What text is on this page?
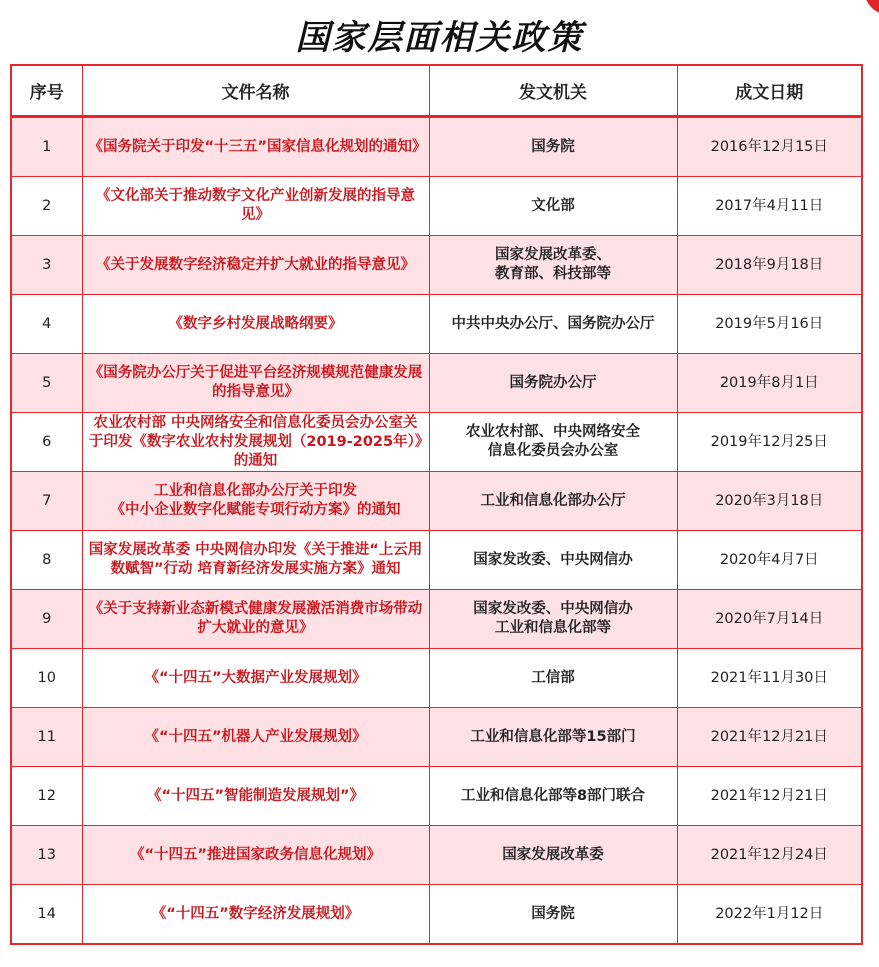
国家层面相关政策
序号	文件名称	发文机关	成文日期
1	《国务院关于印发“十三五”国家信息化规划的通知》	国务院	2016年12月15日
2	《文化部关于推动数字文化产业创新发展的指导意见》	文化部	2017年4月11日
3	《关于发展数字经济稳定并扩大就业的指导意见》	国家发展改革委、
教育部、科技部等	2018年9月18日
4	《数字乡村发展战略纲要》	中共中央办公厅、国务院办公厅	2019年5月16日
5	《国务院办公厅关于促进平台经济规模规范健康发展的指导意见》	国务院办公厅	2019年8月1日
6	农业农村部 中央网络安全和信息化委员会办公室关于印发《数字农业农村发展规划（2019-2025年）》的通知	农业农村部、中央网络安全
信息化委员会办公室	2019年12月25日
7	工业和信息化部办公厅关于印发
《中小企业数字化赋能专项行动方案》的通知	工业和信息化部办公厅	2020年3月18日
8	国家发展改革委 中央网信办印发《关于推进“上云用数赋智”行动 培育新经济发展实施方案》通知	国家发改委、中央网信办	2020年4月7日
9	《关于支持新业态新模式健康发展激活消费市场带动扩大就业的意见》	国家发改委、中央网信办
工业和信息化部等	2020年7月14日
10	《“十四五”大数据产业发展规划》	工信部	2021年11月30日
11	《“十四五”机器人产业发展规划》	工业和信息化部等15部门	2021年12月21日
12	《“十四五”智能制造发展规划”》	工业和信息化部等8部门联合	2021年12月21日
13	《“十四五”推进国家政务信息化规划》	国家发展改革委	2021年12月24日
14	《“十四五”数字经济发展规划》	国务院	2022年1月12日
